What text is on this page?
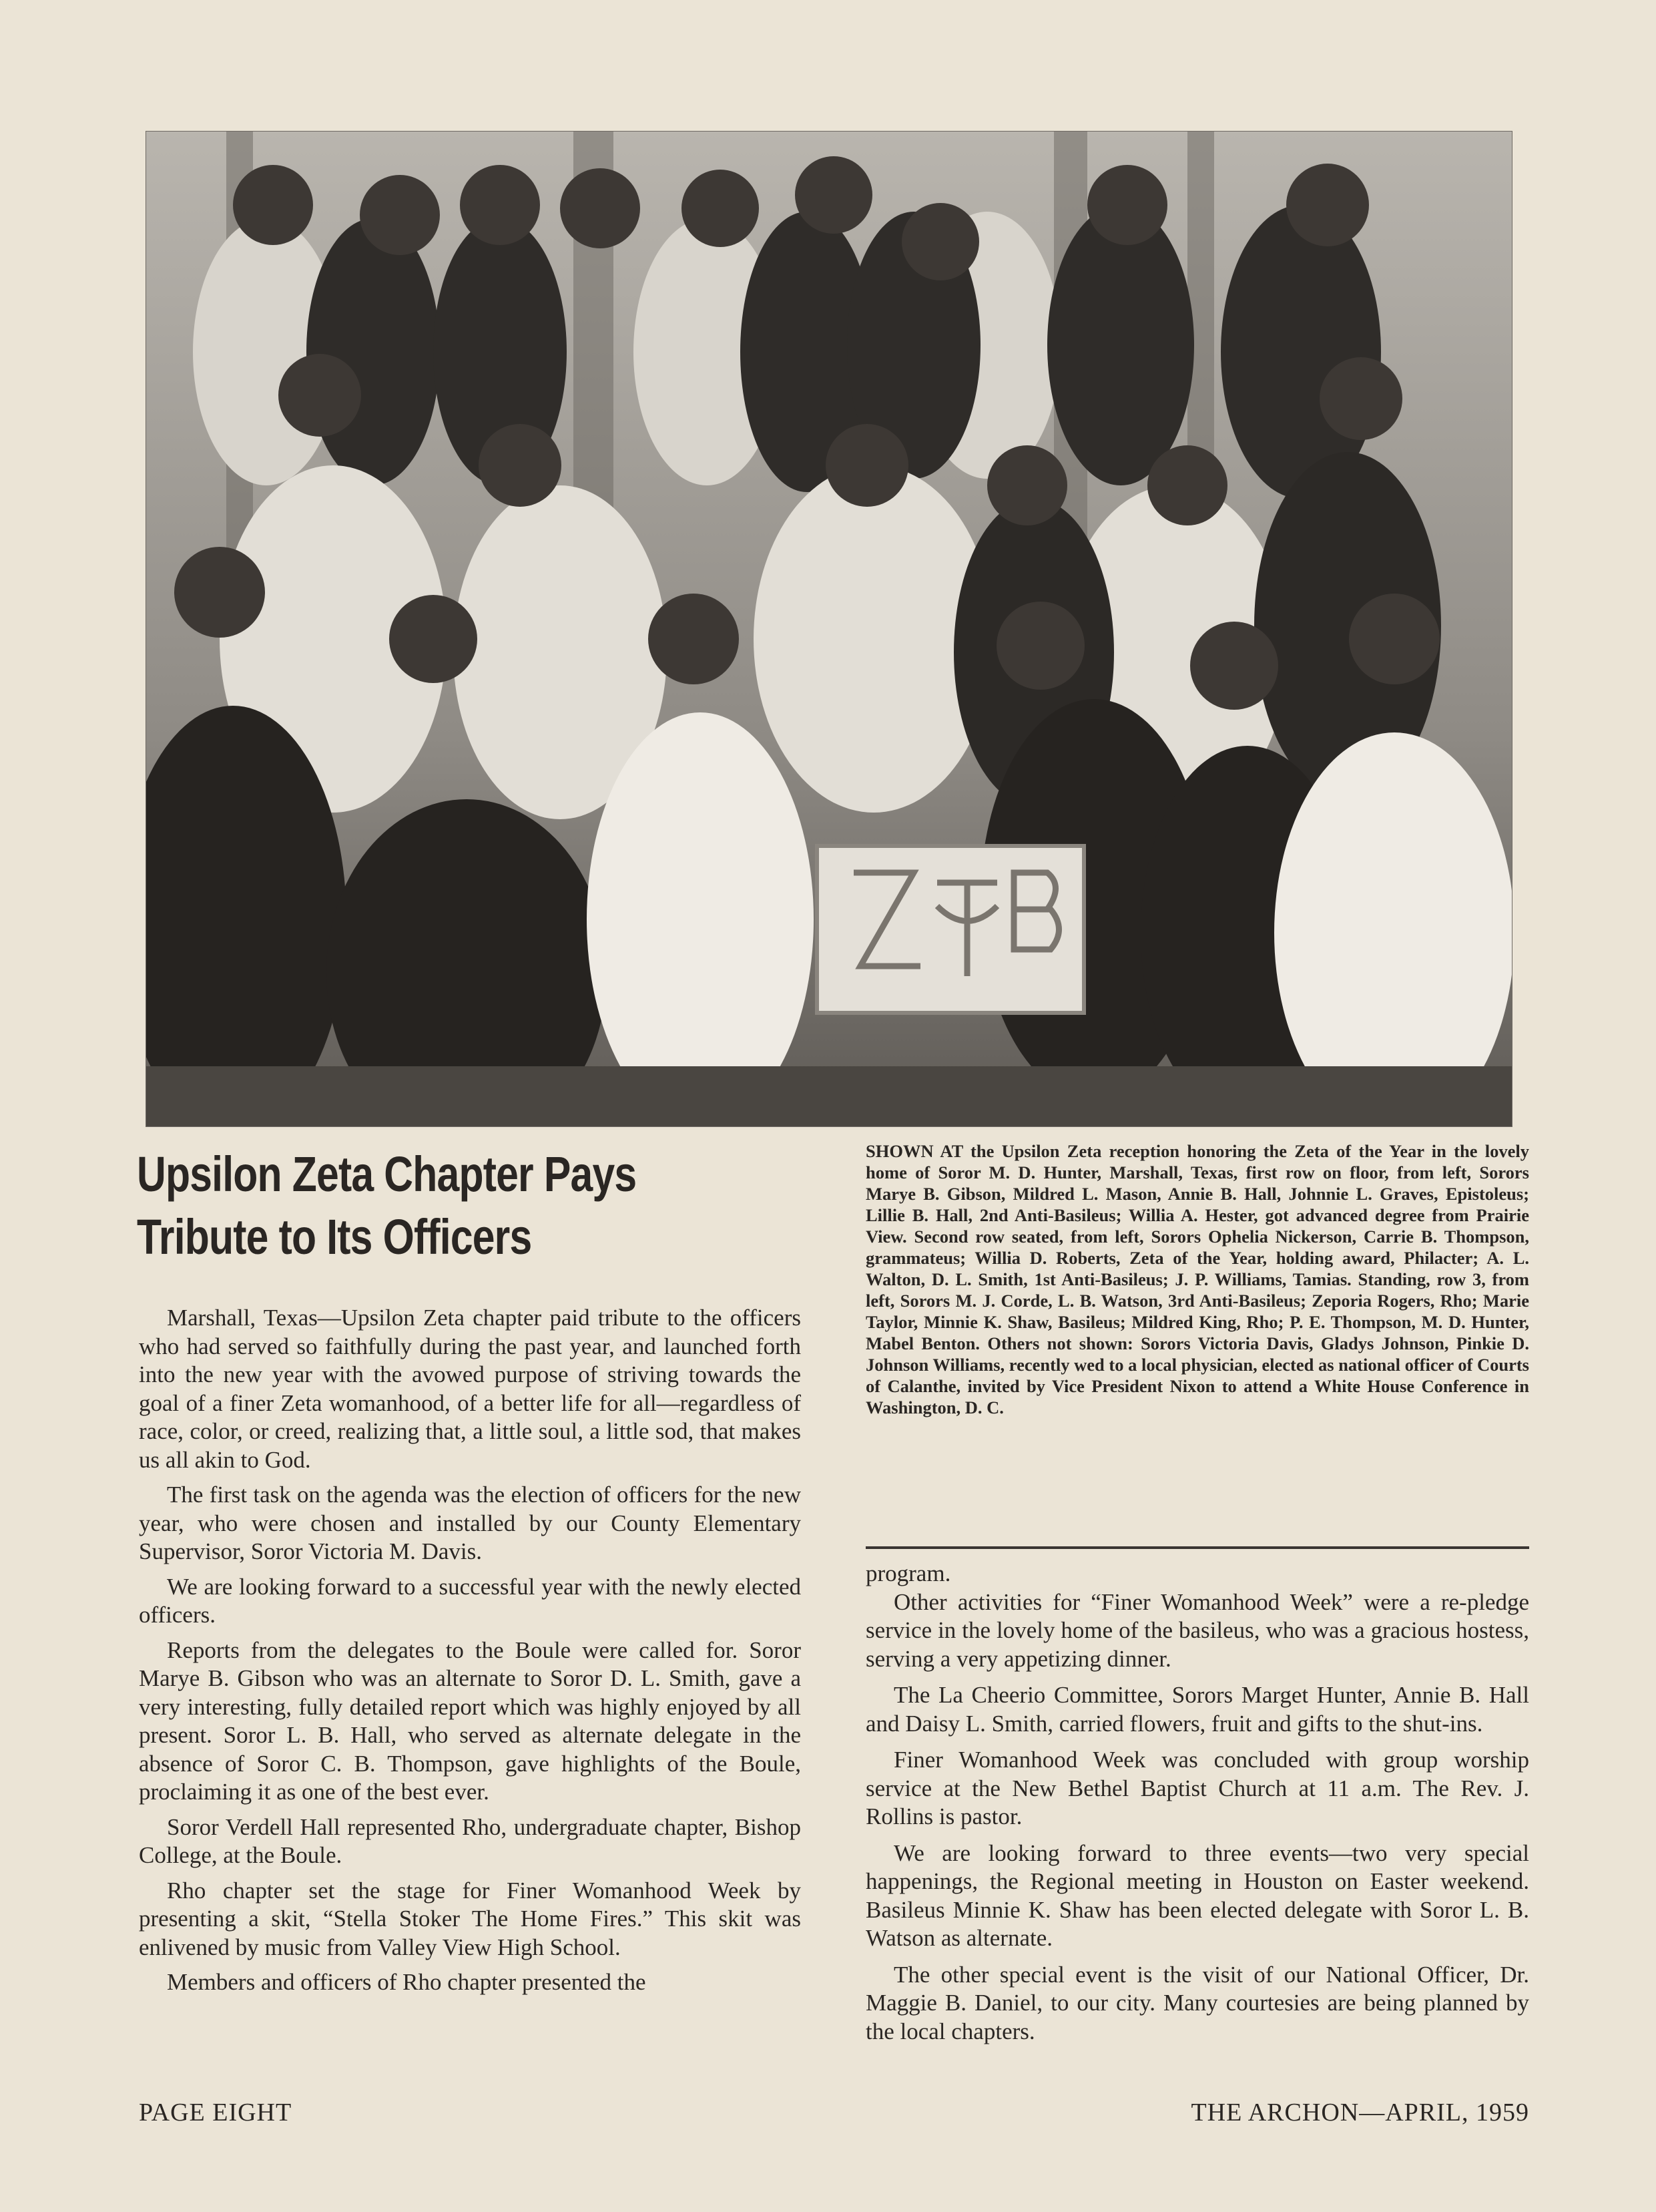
Upsilon Zeta Chapter Pays
Tribute to Its Officers

Marshall, Texas—Upsilon Zeta chapter paid tribute to the officers who had served so faithfully during the past year, and launched forth into the new year with the avowed purpose of striving towards the goal of a finer Zeta womanhood, of a better life for all—regardless of race, color, or creed, realizing that, a little soul, a little sod, that makes us all akin to God.

The first task on the agenda was the election of officers for the new year, who were chosen and installed by our County Elementary Supervisor, Soror Victoria M. Davis.

We are looking forward to a successful year with the newly elected officers.

Reports from the delegates to the Boule were called for. Soror Marye B. Gibson who was an alternate to Soror D. L. Smith, gave a very interesting, fully detailed report which was highly enjoyed by all present. Soror L. B. Hall, who served as alternate delegate in the absence of Soror C. B. Thompson, gave highlights of the Boule, proclaiming it as one of the best ever.

Soror Verdell Hall represented Rho, undergraduate chapter, Bishop College, at the Boule.

Rho chapter set the stage for Finer Womanhood Week by presenting a skit, “Stella Stoker The Home Fires.” This skit was enlivened by music from Valley View High School.

Members and officers of Rho chapter presented the

SHOWN AT the Upsilon Zeta reception honoring the Zeta of the Year in the lovely home of Soror M. D. Hunter, Marshall, Texas, first row on floor, from left, Sorors Marye B. Gibson, Mildred L. Mason, Annie B. Hall, Johnnie L. Graves, Epistoleus; Lillie B. Hall, 2nd Anti-Basileus; Willia A. Hester, got advanced degree from Prairie View. Second row seated, from left, Sorors Ophelia Nickerson, Carrie B. Thompson, grammateus; Willia D. Roberts, Zeta of the Year, holding award, Philacter; A. L. Walton, D. L. Smith, 1st Anti-Basileus; J. P. Williams, Tamias. Standing, row 3, from left, Sorors M. J. Corde, L. B. Watson, 3rd Anti-Basileus; Zeporia Rogers, Rho; Marie Taylor, Minnie K. Shaw, Basileus; Mildred King, Rho; P. E. Thompson, M. D. Hunter, Mabel Benton. Others not shown: Sorors Victoria Davis, Gladys Johnson, Pinkie D. Johnson Williams, recently wed to a local physician, elected as national officer of Courts of Calanthe, invited by Vice President Nixon to attend a White House Conference in Washington, D. C.

program.

Other activities for “Finer Womanhood Week” were a re-pledge service in the lovely home of the basileus, who was a gracious hostess, serving a very appetizing dinner.

The La Cheerio Committee, Sorors Marget Hunter, Annie B. Hall and Daisy L. Smith, carried flowers, fruit and gifts to the shut-ins.

Finer Womanhood Week was concluded with group worship service at the New Bethel Baptist Church at 11 a.m. The Rev. J. Rollins is pastor.

We are looking forward to three events—two very special happenings, the Regional meeting in Houston on Easter weekend. Basileus Minnie K. Shaw has been elected delegate with Soror L. B. Watson as alternate.

The other special event is the visit of our National Officer, Dr. Maggie B. Daniel, to our city. Many courtesies are being planned by the local chapters.

PAGE EIGHT	THE ARCHON—APRIL, 1959
